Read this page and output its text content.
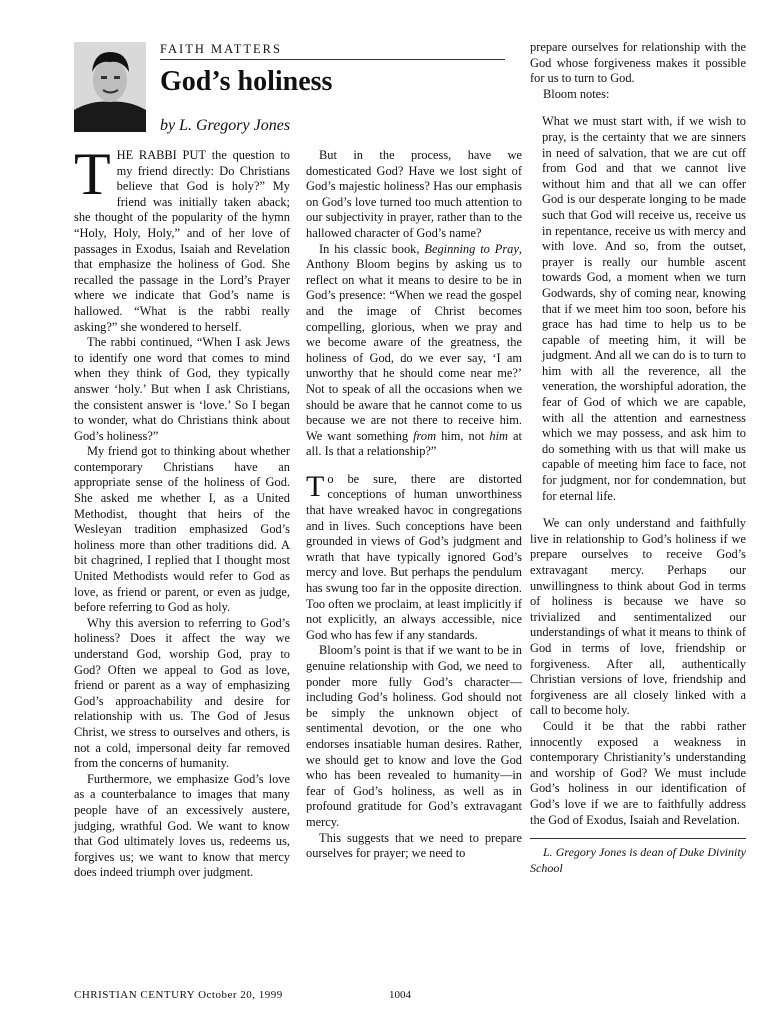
FAITH MATTERS
God’s holiness
by L. Gregory Jones

THE RABBI PUT the question to my friend directly: Do Christians believe that God is holy?” My friend was initially taken aback; she thought of the popularity of the hymn “Holy, Holy, Holy,” and of her love of passages in Exodus, Isaiah and Revelation that emphasize the holiness of God. She recalled the passage in the Lord’s Prayer where we indicate that God’s name is hallowed. “What is the rabbi really asking?” she wondered to herself.

The rabbi continued, “When I ask Jews to identify one word that comes to mind when they think of God, they typically answer ‘holy.’ But when I ask Christians, the consistent answer is ‘love.’ So I began to wonder, what do Christians think about God’s holiness?”

My friend got to thinking about whether contemporary Christians have an appropriate sense of the holiness of God. She asked me whether I, as a United Methodist, thought that heirs of the Wesleyan tradition emphasized God’s holiness more than other traditions did. A bit chagrined, I replied that I thought most United Methodists would refer to God as love, as friend or parent, or even as judge, before referring to God as holy.

Why this aversion to referring to God’s holiness? Does it affect the way we understand God, worship God, pray to God? Often we appeal to God as love, friend or parent as a way of emphasizing God’s approachability and desire for relationship with us. The God of Jesus Christ, we stress to ourselves and others, is not a cold, impersonal deity far removed from the concerns of humanity.

Furthermore, we emphasize God’s love as a counterbalance to images that many people have of an excessively austere, judging, wrathful God. We want to know that God ultimately loves us, redeems us, forgives us; we want to know that mercy does indeed triumph over judgment.

But in the process, have we domesticated God? Have we lost sight of God’s majestic holiness? Has our emphasis on God’s love turned too much attention to our subjectivity in prayer, rather than to the hallowed character of God’s name?

In his classic book, Beginning to Pray, Anthony Bloom begins by asking us to reflect on what it means to desire to be in God’s presence: “When we read the gospel and the image of Christ becomes compelling, glorious, when we pray and we become aware of the greatness, the holiness of God, do we ever say, ‘I am unworthy that he should come near me?’ Not to speak of all the occasions when we should be aware that he cannot come to us because we are not there to receive him. We want something from him, not him at all. Is that a relationship?”

To be sure, there are distorted conceptions of human unworthiness that have wreaked havoc in congregations and in lives. Such conceptions have been grounded in views of God’s judgment and wrath that have typically ignored God’s mercy and love. But perhaps the pendulum has swung too far in the opposite direction. Too often we proclaim, at least implicitly if not explicitly, an always accessible, nice God who has few if any standards.

Bloom’s point is that if we want to be in genuine relationship with God, we need to ponder more fully God’s character—including God’s holiness. God should not be simply the unknown object of sentimental devotion, or the one who endorses insatiable human desires. Rather, we should get to know and love the God who has been revealed to humanity—in fear of God’s holiness, as well as in profound gratitude for God’s extravagant mercy.

This suggests that we need to prepare ourselves for prayer; we need to

prepare ourselves for relationship with the God whose forgiveness makes it possible for us to turn to God.

Bloom notes:

What we must start with, if we wish to pray, is the certainty that we are sinners in need of salvation, that we are cut off from God and that we cannot live without him and that all we can offer God is our desperate longing to be made such that God will receive us, receive us in repentance, receive us with mercy and with love. And so, from the outset, prayer is really our humble ascent towards God, a moment when we turn Godwards, shy of coming near, knowing that if we meet him too soon, before his grace has had time to help us to be capable of meeting him, it will be judgment. And all we can do is to turn to him with all the reverence, all the veneration, the worshipful adoration, the fear of God of which we are capable, with all the attention and earnestness which we may possess, and ask him to do something with us that will make us capable of meeting him face to face, not for judgment, nor for condemnation, but for eternal life.

We can only understand and faithfully live in relationship to God’s holiness if we prepare ourselves to receive God’s extravagant mercy. Perhaps our unwillingness to think about God in terms of holiness is because we have so trivialized and sentimentalized our understandings of what it means to think of God in terms of love, friendship or forgiveness. After all, authentically Christian versions of love, friendship and forgiveness are all closely linked with a call to become holy.

Could it be that the rabbi rather innocently exposed a weakness in contemporary Christianity’s understanding and worship of God? We must include God’s holiness in our identification of God’s love if we are to faithfully address the God of Exodus, Isaiah and Revelation.

L. Gregory Jones is dean of Duke Divinity School

CHRISTIAN CENTURY October 20, 1999	1004
